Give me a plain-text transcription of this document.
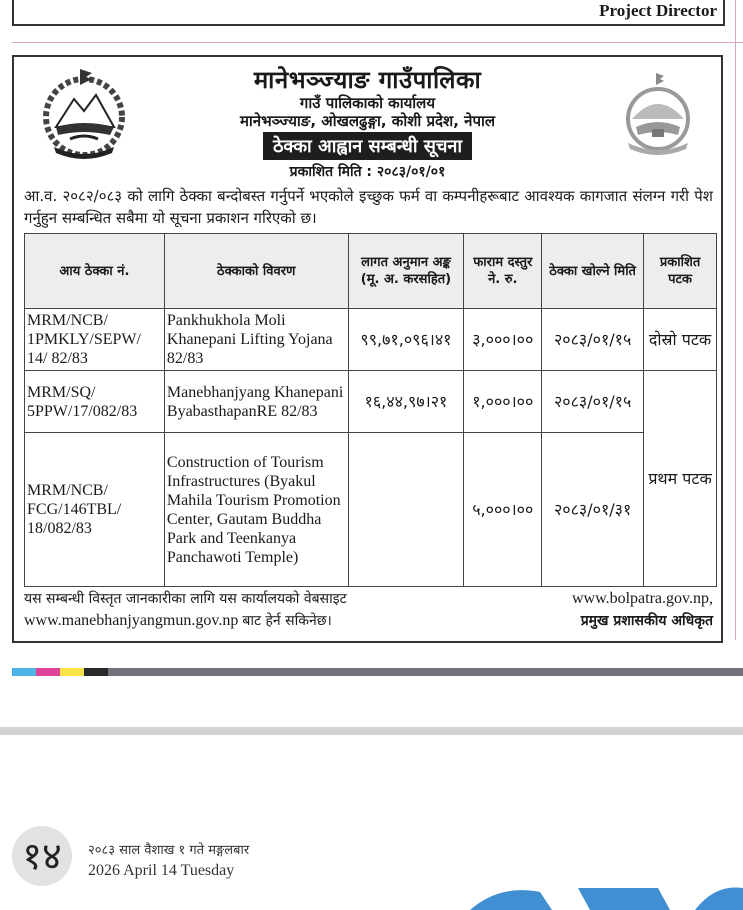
Project Director
मानेभञ्ज्याङ गाउँपालिका
गाउँ पालिकाको कार्यालय
मानेभञ्ज्याङ, ओखलढुङ्गा, कोशी प्रदेश, नेपाल
ठेक्का आह्वान सम्बन्धी सूचना
प्रकाशित मिति : २०८३/०१/०१
आ.व. २०८२/०८३ को लागि ठेक्का बन्दोबस्त गर्नुपर्ने भएकोले इच्छुक फर्म वा कम्पनीहरूबाट आवश्यक कागजात संलग्न गरी पेश गर्नुहुन सम्बन्धित सबैमा यो सूचना प्रकाशन गरिएको छ।
आय ठेक्का नं.	ठेक्काको विवरण	लागत अनुमान अङ्क (मू. अ. करसहित)	फाराम दस्तुर ने. रु.	ठेक्का खोल्ने मिति	प्रकाशित पटक
MRM/NCB/ 1PMKLY/SEPW/ 14/ 82/83	Pankhukhola Moli Khanepani Lifting Yojana 82/83	९९,७१,०९६।४१	३,०००।००	२०८३/०१/१५	दोस्रो पटक
MRM/SQ/ 5PPW/17/082/83	Manebhanjyang Khanepani ByabasthapanRE 82/83	१६,४४,९७।२१	१,०००।००	२०८३/०१/१५	प्रथम पटक
MRM/NCB/ FCG/146TBL/ 18/082/83	Construction of Tourism Infrastructures (Byakul Mahila Tourism Promotion Center, Gautam Buddha Park and Teenkanya Panchawoti Temple)		५,०००।००	२०८३/०१/३१	
यस सम्बन्धी विस्तृत जानकारीका लागि यस कार्यालयको वेबसाइट	www.bolpatra.gov.np,
www.manebhanjyangmun.gov.np बाट हेर्न सकिनेछ।	प्रमुख प्रशासकीय अधिकृत
१४	२०८३ साल वैशाख १ गते मङ्गलबार
2026 April 14 Tuesday
